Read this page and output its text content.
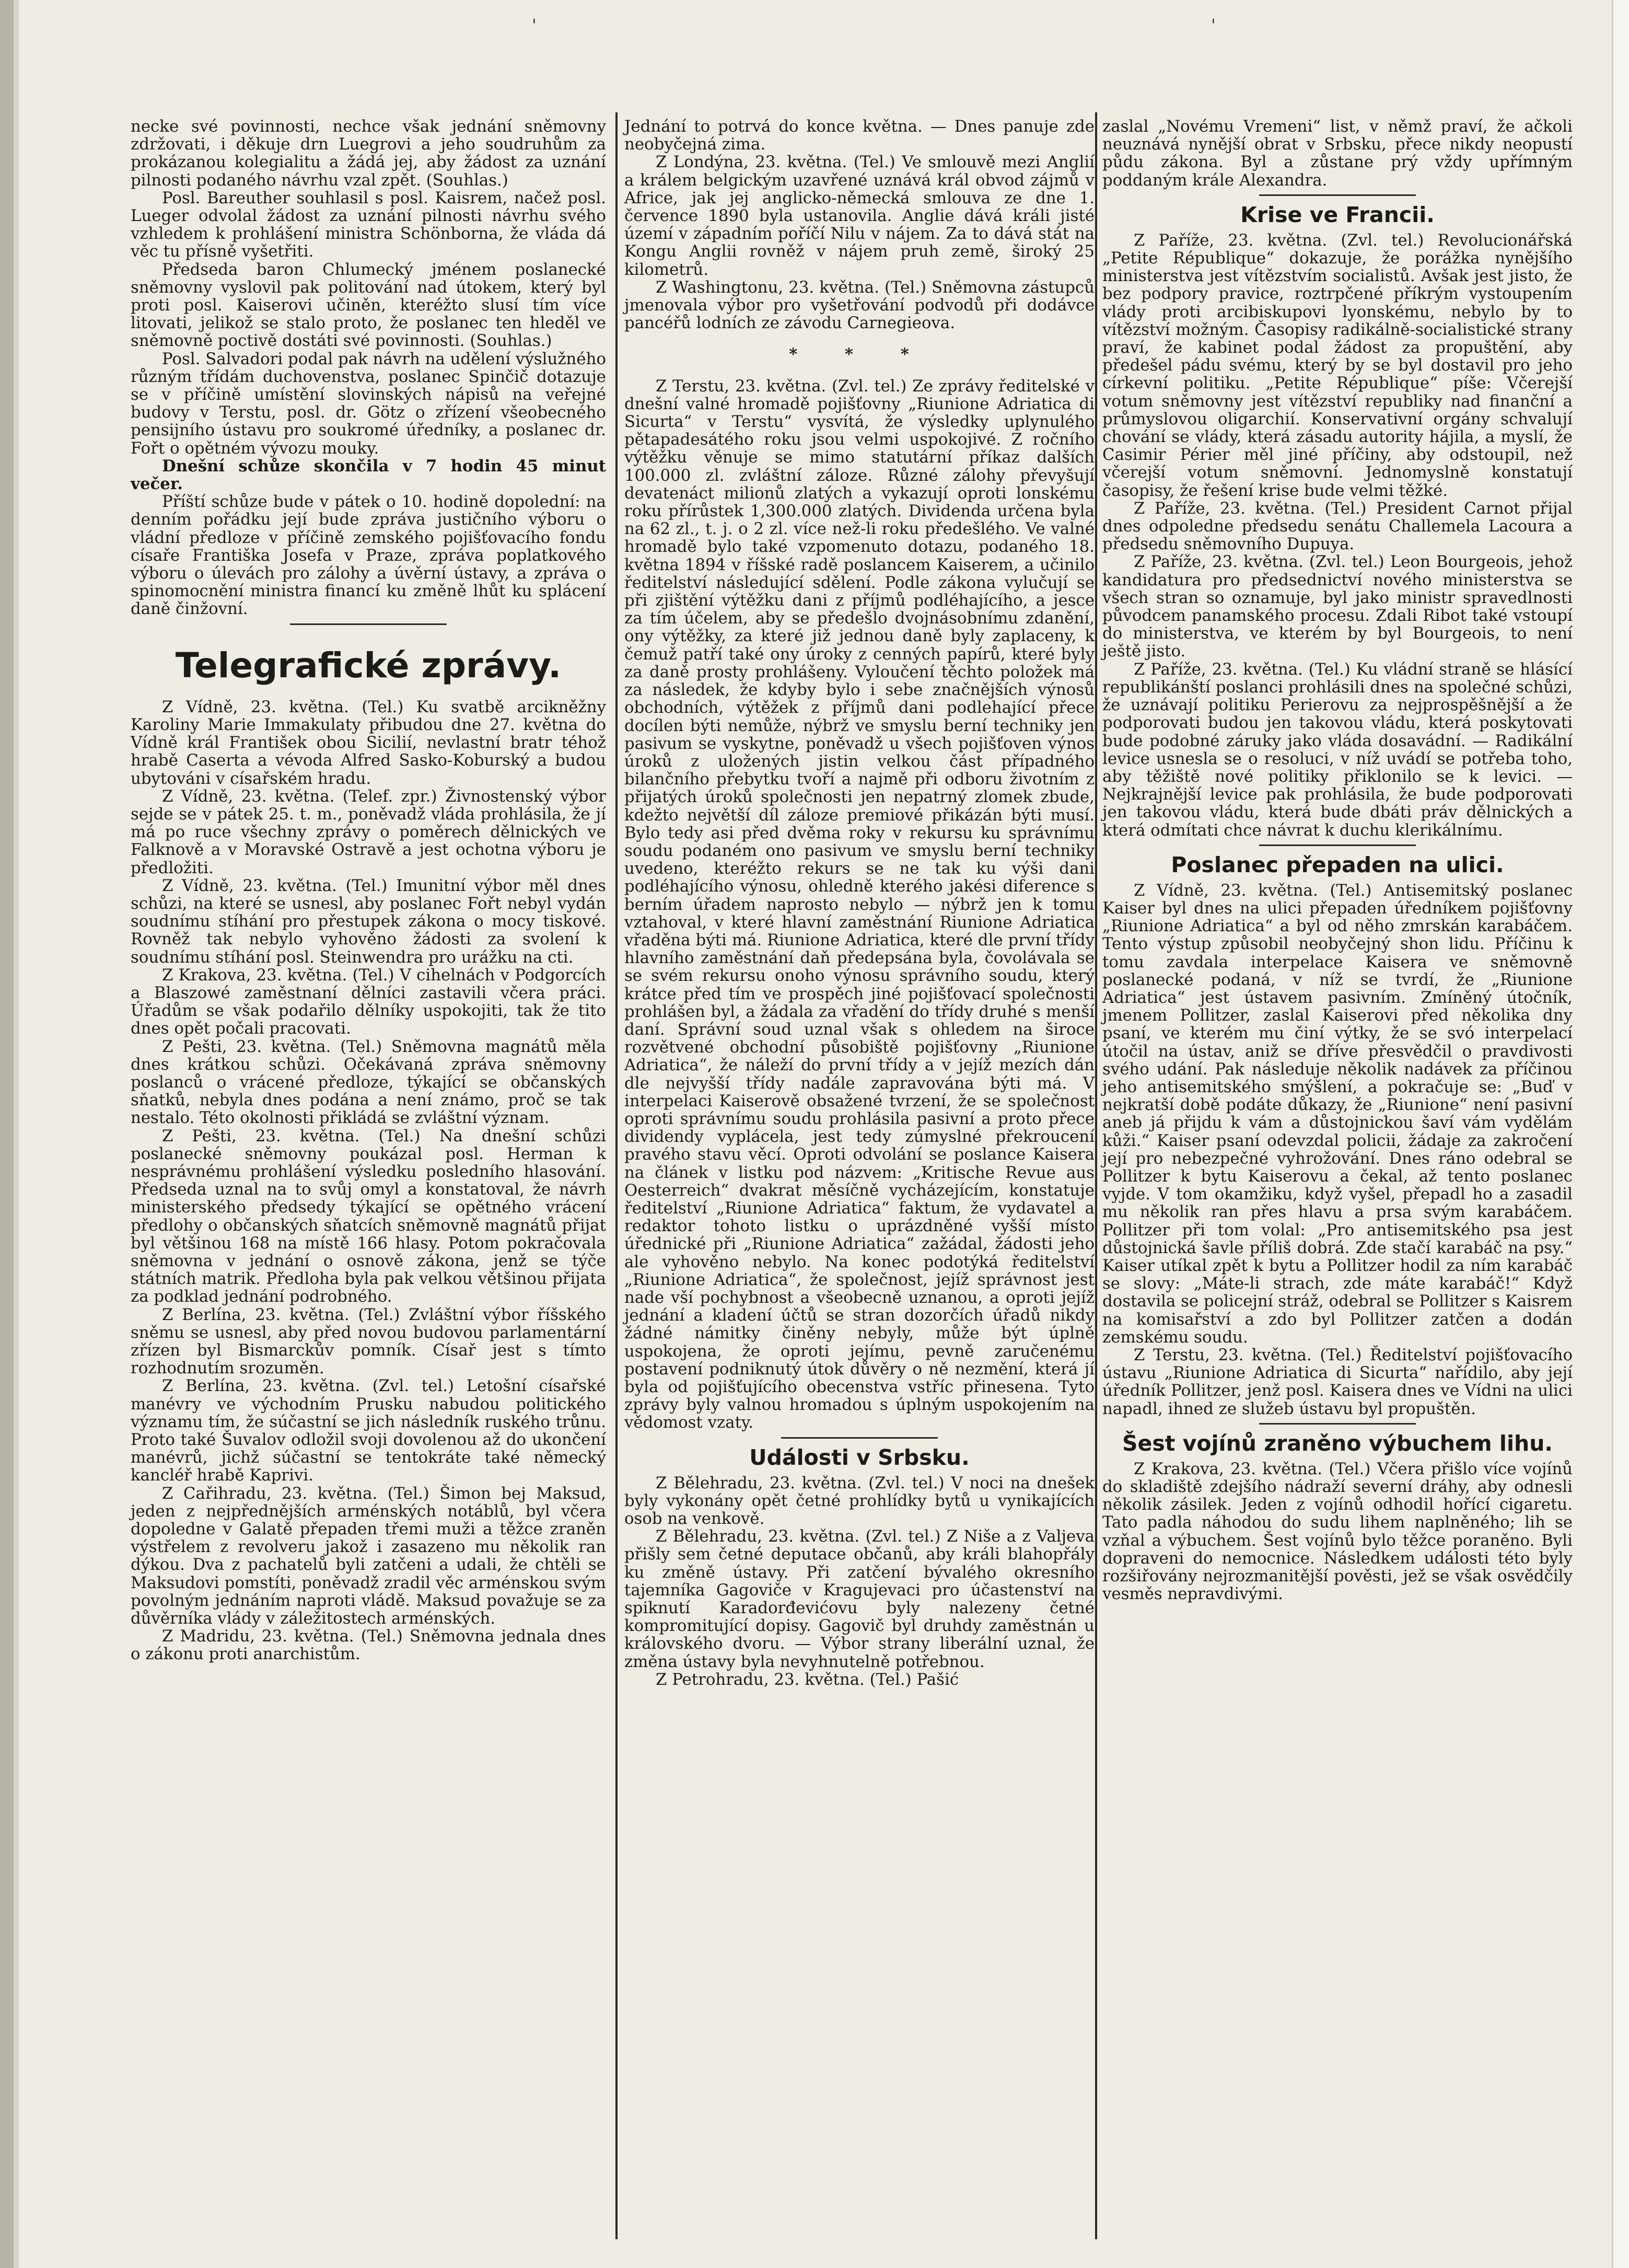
ˈ	ˈ

necke své povinnosti, nechce však jednání sněmovny zdržovati, i děkuje drn Luegrovi a jeho soudruhům za prokázanou kolegialitu a žádá jej, aby žádost za uznání pilnosti podaného návrhu vzal zpět. (Souhlas.)

Posl. Bareuther souhlasil s posl. Kaisrem, načež posl. Lueger odvolal žádost za uznání pilnosti návrhu svého vzhledem k prohlášení ministra Schönborna, že vláda dá věc tu přísně vyšetřiti.

Předseda baron Chlumecký jménem poslanecké sněmovny vyslovil pak politování nad útokem, který byl proti posl. Kaiserovi učiněn, kteréžto slusí tím více litovati, jelikož se stalo proto, že poslanec ten hleděl ve sněmovně poctivě dostáti své povinnosti. (Souhlas.)

Posl. Salvadori podal pak návrh na udělení výslužného různým třídám duchovenstva, poslanec Spinčič dotazuje se v příčině umístění slovinských nápisů na veřejné budovy v Terstu, posl. dr. Götz o zřízení všeobecného pensijního ústavu pro soukromé úředníky, a poslanec dr. Fořt o opětném vývozu mouky.

Dnešní schůze skončila v 7 hodin 45 minut večer.

Příští schůze bude v pátek o 10. hodině dopolední: na denním pořádku její bude zpráva justičního výboru o vládní předloze v příčině zemského pojišťovacího fondu císaře Františka Josefa v Praze, zpráva poplatkového výboru o úlevách pro zálohy a úvěrní ústavy, a zpráva o spinomocnění ministra financí ku změně lhůt ku splácení daně činžovní.

Telegrafické zprávy.

Z Vídně, 23. května. (Tel.) Ku svatbě arcikněžny Karoliny Marie Immakulaty přibudou dne 27. května do Vídně král František obou Sicilií, nevlastní bratr téhož hrabě Caserta a vévoda Alfred Sasko-Koburský a budou ubytováni v císařském hradu.

Z Vídně, 23. května. (Telef. zpr.) Živnostenský výbor sejde se v pátek 25. t. m., poněvadž vláda prohlásila, že jí má po ruce všechny zprávy o poměrech dělnických ve Falknově a v Moravské Ostravě a jest ochotna výboru je předložiti.

Z Vídně, 23. května. (Tel.) Imunitní výbor měl dnes schůzi, na které se usnesl, aby poslanec Fořt nebyl vydán soudnímu stíhání pro přestupek zákona o mocy tiskové. Rovněž tak nebylo vyhověno žádosti za svolení k soudnímu stíhání posl. Steinwendra pro urážku na cti.

Z Krakova, 23. května. (Tel.) V cihelnách v Podgorcích a Blaszowé zaměstnaní dělníci zastavili včera práci. Úřadům se však podařilo dělníky uspokojiti, tak že tito dnes opět počali pracovati.

Z Pešti, 23. května. (Tel.) Sněmovna magnátů měla dnes krátkou schůzi. Očekávaná zpráva sněmovny poslanců o vrácené předloze, týkající se občanských sňatků, nebyla dnes podána a není známo, proč se tak nestalo. Této okolnosti přikládá se zvláštní význam.

Z Pešti, 23. května. (Tel.) Na dnešní schůzi poslanecké sněmovny poukázal posl. Herman k nesprávnému prohlášení výsledku posledního hlasování. Předseda uznal na to svůj omyl a konstatoval, že návrh ministerského předsedy týkající se opětného vrácení předlohy o občanských sňatcích sněmovně magnátů přijat byl většinou 168 na místě 166 hlasy. Potom pokračovala sněmovna v jednání o osnově zákona, jenž se týče státních matrik. Předloha byla pak velkou většinou přijata za podklad jednání podrobného.

Z Berlína, 23. května. (Tel.) Zvláštní výbor říšského sněmu se usnesl, aby před novou budovou parlamentární zřízen byl Bismarckův pomník. Císař jest s tímto rozhodnutím srozuměn.

Z Berlína, 23. května. (Zvl. tel.) Letošní císařské manévry ve východním Prusku nabudou politického významu tím, že súčastní se jich následník ruského trůnu. Proto také Šuvalov odložil svoji dovolenou až do ukončení manévrů, jichž súčastní se tentokráte také německý kancléř hrabě Kaprivi.

Z Cařihradu, 23. května. (Tel.) Šimon bej Maksud, jeden z nejpřednějších arménských notáblů, byl včera dopoledne v Galatě přepaden třemi muži a těžce zraněn výstřelem z revolveru jakož i zasazeno mu několik ran dýkou. Dva z pachatelů byli zatčeni a udali, že chtěli se Maksudovi pomstíti, poněvadž zradil věc arménskou svým povolným jednáním naproti vládě. Maksud považuje se za důvěrníka vlády v záležitostech arménských.

Z Madridu, 23. května. (Tel.) Sněmovna jednala dnes o zákonu proti anarchistům.

Jednání to potrvá do konce května. — Dnes panuje zde neobyčejná zima.

Z Londýna, 23. května. (Tel.) Ve smlouvě mezi Anglií a králem belgickým uzavřené uznává král obvod zájmů v Africe, jak jej anglicko-německá smlouva ze dne 1. července 1890 byla ustanovila. Anglie dává králi jisté území v západním poříčí Nilu v nájem. Za to dává stát na Kongu Anglii rovněž v nájem pruh země, široký 25 kilometrů.

Z Washingtonu, 23. května. (Tel.) Sněmovna zástupců jmenovala výbor pro vyšetřování podvodů při dodávce pancéřů lodních ze závodu Carnegieova.

* * *

Z Terstu, 23. května. (Zvl. tel.) Ze zprávy ředitelské v dnešní valné hromadě pojišťovny „Riunione Adriatica di Sicurta“ v Terstu“ vysvítá, že výsledky uplynulého pětapadesátého roku jsou velmi uspokojivé. Z ročního výtěžku věnuje se mimo statutární příkaz dalších 100.000 zl. zvláštní záloze. Různé zálohy převyšují devatenáct milionů zlatých a vykazují oproti lonskému roku přírůstek 1,300.000 zlatých. Dividenda určena byla na 62 zl., t. j. o 2 zl. více než-li roku předešlého. Ve valné hromadě bylo také vzpomenuto dotazu, podaného 18. května 1894 v říšské radě poslancem Kaiserem, a učinilo ředitelství následující sdělení. Podle zákona vylučují se při zjištění výtěžku dani z příjmů podléhajícího, a jesce za tím účelem, aby se předešlo dvojnásobnímu zdanění, ony výtěžky, za které již jednou daně byly zaplaceny, k čemuž patří také ony úroky z cenných papírů, které byly za daně prosty prohlášeny. Vyloučení těchto položek má za následek, že kdyby bylo i sebe značnějších výnosů obchodních, výtěžek z příjmů dani podlehající přece docílen býti nemůže, nýbrž ve smyslu berní techniky jen pasivum se vyskytne, poněvadž u všech pojišťoven výnos úroků z uložených jistin velkou část případného bilančního přebytku tvoří a najmě při odboru životním z přijatých úroků společnosti jen nepatrný zlomek zbude, kdežto největší díl záloze premiové přikázán býti musí. Bylo tedy asi před dvěma roky v rekursu ku správnímu soudu podaném ono pasivum ve smyslu berní techniky uvedeno, kteréžto rekurs se ne tak ku výši dani podléhajícího výnosu, ohledně kterého jakési diference s berním úřadem naprosto nebylo — nýbrž jen k tomu vztahoval, v které hlavní zaměstnání Riunione Adriatica vřaděna býti má. Riunione Adriatica, které dle první třídy hlavního zaměstnání daň předepsána byla, čovolávala se se svém rekursu onoho výnosu správního soudu, který krátce před tím ve prospěch jiné pojišťovací společnosti prohlášen byl, a žádala za vřadění do třídy druhé s menší daní. Správní soud uznal však s ohledem na široce rozvětvené obchodní působiště pojišťovny „Riunione Adriatica“, že náleží do první třídy a v jejíž mezích dán dle nejvyšší třídy nadále zapravována býti má. V interpelaci Kaiserově obsažené tvrzení, že se společnost oproti správnímu soudu prohlásila pasivní a proto přece dividendy vyplácela, jest tedy zúmyslné překroucení pravého stavu věcí. Oproti odvolání se poslance Kaisera na článek v listku pod názvem: „Kritische Revue aus Oesterreich“ dvakrat měsíčně vycházejícím, konstatuje ředitelství „Riunione Adriatica“ faktum, že vydavatel a redaktor tohoto listku o uprázdněné vyšší místo úřednické při „Riunione Adriatica“ zažádal, žádosti jeho ale vyhověno nebylo. Na konec podotýká ředitelství „Riunione Adriatica“, že společnost, jejíž správnost jest nade vší pochybnost a všeobecně uznanou, a oproti jejíž jednání a kladení účtů se stran dozorčích úřadů nikdy žádné námitky činěny nebyly, může být úplně uspokojena, že oproti jejímu, pevně zaručenému postavení podniknutý útok důvěry o ně nezmění, která jí byla od pojišťujícího obecenstva vstříc přinesena. Tyto zprávy byly valnou hromadou s úplným uspokojením na vědomost vzaty.

Události v Srbsku.

Z Bělehradu, 23. května. (Zvl. tel.) V noci na dnešek byly vykonány opět četné prohlídky bytů u vynikajících osob na venkově.

Z Bělehradu, 23. května. (Zvl. tel.) Z Niše a z Valjeva přišly sem četné deputace občanů, aby králi blahopřály ku změně ústavy. Při zatčení bývalého okresního tajemníka Gagoviče v Kragujevaci pro účastenství na spiknutí Karadorđevićovu byly nalezeny četné kompromitující dopisy. Gagovič byl druhdy zaměstnán u královského dvoru. — Výbor strany liberální uznal, že změna ústavy byla nevyhnutelně potřebnou.

Z Petrohradu, 23. května. (Tel.) Pašić

zaslal „Novému Vremeni“ list, v němž praví, že ačkoli neuznává nynější obrat v Srbsku, přece nikdy neopustí půdu zákona. Byl a zůstane prý vždy upřímným poddaným krále Alexandra.

Krise ve Francii.

Z Paříže, 23. května. (Zvl. tel.) Revolucionářská „Petite République“ dokazuje, že porážka nynějšího ministerstva jest vítězstvím socialistů. Avšak jest jisto, že bez podpory pravice, roztrpčené příkrým vystoupením vlády proti arcibiskupovi lyonskému, nebylo by to vítězství možným. Časopisy radikálně-socialistické strany praví, že kabinet podal žádost za propuštění, aby předešel pádu svému, který by se byl dostavil pro jeho církevní politiku. „Petite République“ píše: Včerejší votum sněmovny jest vítězství republiky nad finanční a průmyslovou oligarchií. Konservativní orgány schvalují chování se vlády, která zásadu autority hájila, a myslí, že Casimir Périer měl jiné příčiny, aby odstoupil, než včerejší votum sněmovní. Jednomyslně konstatují časopisy, že řešení krise bude velmi těžké.

Z Paříže, 23. května. (Tel.) President Carnot přijal dnes odpoledne předsedu senátu Challemela Lacoura a předsedu sněmovního Dupuya.

Z Paříže, 23. května. (Zvl. tel.) Leon Bourgeois, jehož kandidatura pro předsednictví nového ministerstva se všech stran so oznamuje, byl jako ministr spravedlnosti původcem panamského procesu. Zdali Ribot také vstoupí do ministerstva, ve kterém by byl Bourgeois, to není ještě jisto.

Z Paříže, 23. května. (Tel.) Ku vládní straně se hlásící republikánští poslanci prohlásili dnes na společné schůzi, že uznávají politiku Perierovu za nejprospěšnější a že podporovati budou jen takovou vládu, která poskytovati bude podobné záruky jako vláda dosavádní. — Radikální levice usnesla se o resoluci, v níž uvádí se potřeba toho, aby těžiště nové politiky přiklonilo se k levici. — Nejkrajnější levice pak prohlásila, že bude podporovati jen takovou vládu, která bude dbáti práv dělnických a která odmítati chce návrat k duchu klerikálnímu.

Poslanec přepaden na ulici.

Z Vídně, 23. května. (Tel.) Antisemitský poslanec Kaiser byl dnes na ulici přepaden úředníkem pojišťovny „Riunione Adriatica“ a byl od něho zmrskán karabáčem. Tento výstup způsobil neobyčejný shon lidu. Příčinu k tomu zavdala interpelace Kaisera ve sněmovně poslanecké podaná, v níž se tvrdí, že „Riunione Adriatica“ jest ústavem pasivním. Zmíněný útočník, jmenem Pollitzer, zaslal Kaiserovi před několika dny psaní, ve kterém mu činí výtky, že se svó interpelací útočil na ústav, aniž se dříve přesvědčil o pravdivosti svého udání. Pak následuje několik nadávek za příčinou jeho antisemitského smýšlení, a pokračuje se: „Buď v nejkratší době podáte důkazy, že „Riunione“ není pasivní aneb já přijdu k vám a důstojnickou šaví vám vydělám kůži.“ Kaiser psaní odevzdal policii, žádaje za zakročení její pro nebezpečné vyhrožování. Dnes ráno odebral se Pollitzer k bytu Kaiserovu a čekal, až tento poslanec vyjde. V tom okamžiku, když vyšel, přepadl ho a zasadil mu několik ran přes hlavu a prsa svým karabáčem. Pollitzer při tom volal: „Pro antisemitského psa jest důstojnická šavle příliš dobrá. Zde stačí karabáč na psy.“ Kaiser utíkal zpět k bytu a Pollitzer hodil za ním karabáč se slovy: „Máte-li strach, zde máte karabáč!“ Když dostavila se policejní stráž, odebral se Pollitzer s Kaisrem na komisařství a zdo byl Pollitzer zatčen a dodán zemskému soudu.

Z Terstu, 23. května. (Tel.) Ředitelství pojišťovacího ústavu „Riunione Adriatica di Sicurta“ nařídilo, aby její úředník Pollitzer, jenž posl. Kaisera dnes ve Vídni na ulici napadl, ihned ze služeb ústavu byl propuštěn.

Šest vojínů zraněno výbuchem lihu.

Z Krakova, 23. května. (Tel.) Včera přišlo více vojínů do skladiště zdejšího nádraží severní dráhy, aby odnesli několik zásilek. Jeden z vojínů odhodil hořící cigaretu. Tato padla náhodou do sudu lihem naplněného; lih se vzňal a výbuchem. Šest vojínů bylo těžce poraněno. Byli dopraveni do nemocnice. Následkem události této byly rozšiřovány nejrozmanitější pověsti, jež se však osvědčily vesměs nepravdivými.
